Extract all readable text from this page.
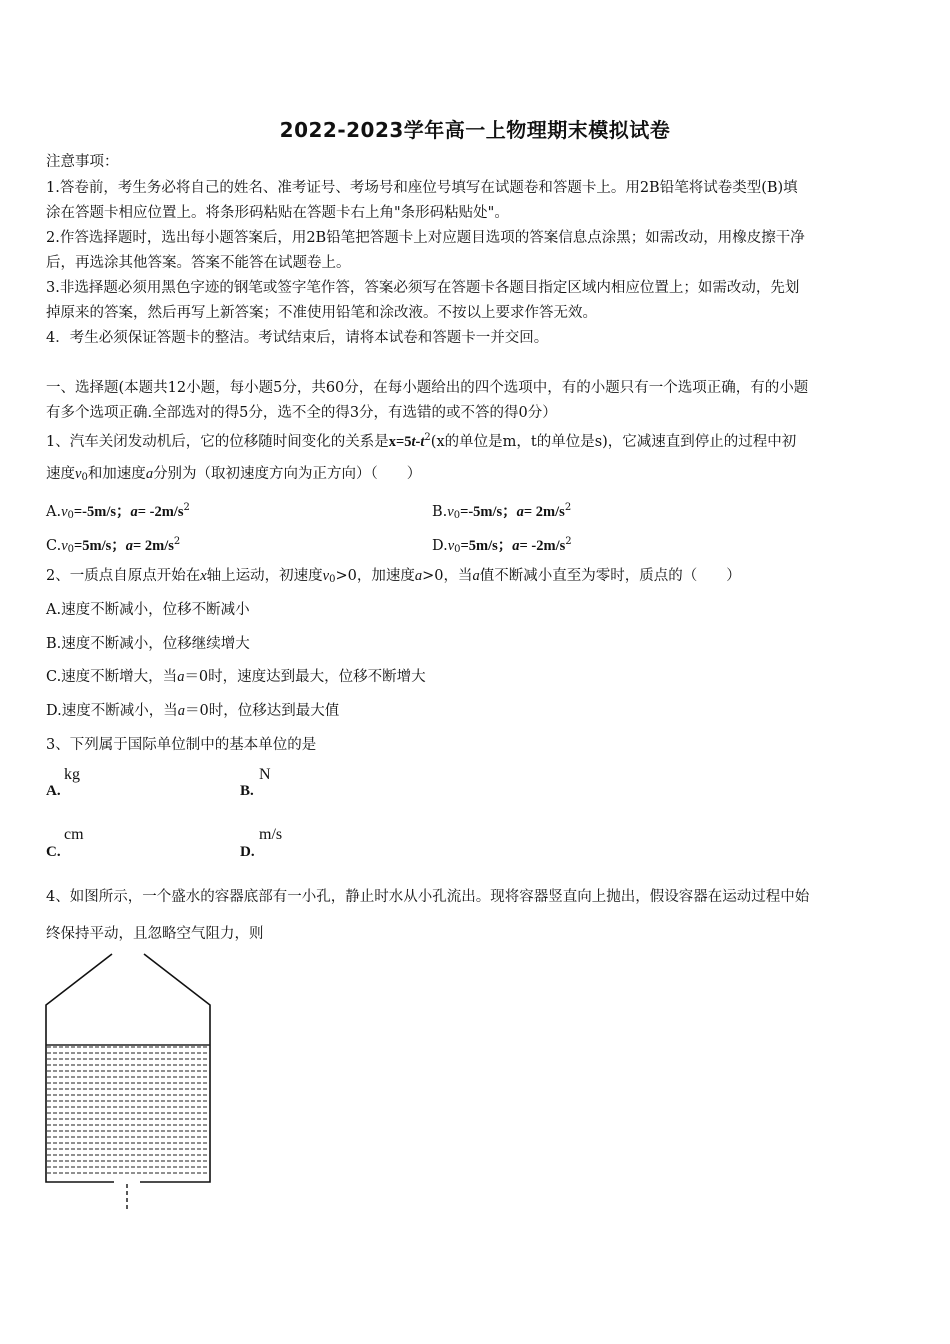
2022-2023学年高一上物理期末模拟试卷
注意事项：
1.答卷前，考生务必将自己的姓名、准考证号、考场号和座位号填写在试题卷和答题卡上。用2B铅笔将试卷类型(B)填
涂在答题卡相应位置上。将条形码粘贴在答题卡右上角"条形码粘贴处"。
2.作答选择题时，选出每小题答案后，用2B铅笔把答题卡上对应题目选项的答案信息点涂黑；如需改动，用橡皮擦干净
后，再选涂其他答案。答案不能答在试题卷上。
3.非选择题必须用黑色字迹的钢笔或签字笔作答，答案必须写在答题卡各题目指定区域内相应位置上；如需改动，先划
掉原来的答案，然后再写上新答案；不准使用铅笔和涂改液。不按以上要求作答无效。
4．考生必须保证答题卡的整洁。考试结束后，请将本试卷和答题卡一并交回。
一、选择题(本题共12小题，每小题5分，共60分，在每小题给出的四个选项中，有的小题只有一个选项正确，有的小题
有多个选项正确.全部选对的得5分，选不全的得3分，有选错的或不答的得0分）
1、汽车关闭发动机后，它的位移随时间变化的关系是$x=5t-t^2(x$的单位是m，t的单位是s)，它减速直到停止的过程中初
速度$v_0$和加速度a分别为（取初速度方向为正方向）（　　）
$A.v_0=-5m/s$；$a= -2m/s^2$	$B.v_0=-5m/s$；$a= 2m/s^2$
$C.v_0=5m/s$；$a= 2m/s^2$	$D.v_0=5m/s$；$a= -2m/s^2$
2、一质点自原点开始在x轴上运动，初速度$v_0>0$，加速度a>0，当a值不断减小直至为零时，质点的（　　）
A.速度不断减小，位移不断减小
B.速度不断减小，位移继续增大
C.速度不断增大，当a＝0时，速度达到最大，位移不断增大
D.速度不断减小，当a＝0时，位移达到最大值
3、下列属于国际单位制中的基本单位的是
A.
kg
B.
N
C.
cm
D.
m/s
4、如图所示，一个盛水的容器底部有一小孔，静止时水从小孔流出。现将容器竖直向上抛出，假设容器在运动过程中始
终保持平动，且忽略空气阻力，则
